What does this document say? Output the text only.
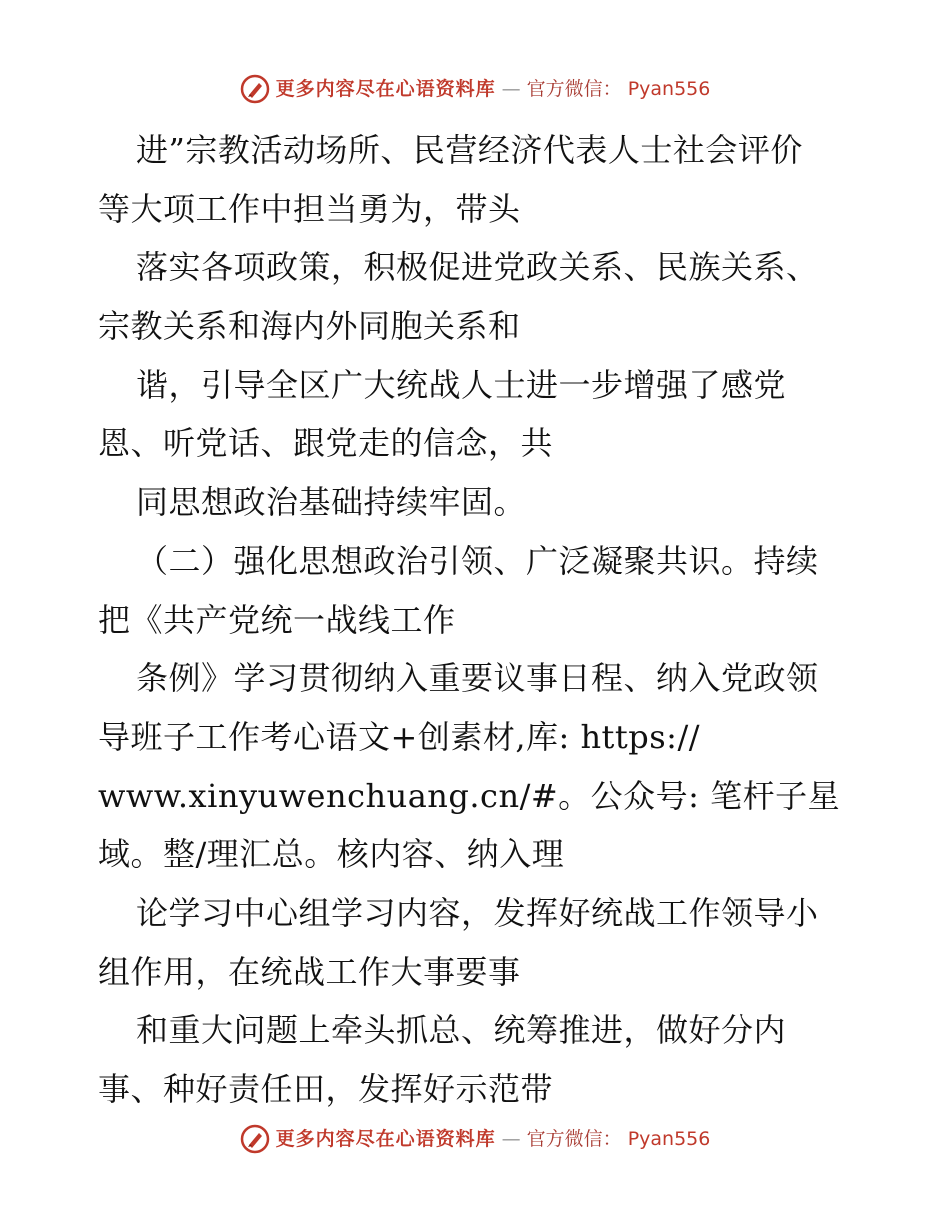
更多内容尽在心语资料库 — 官方微信： Pyan556
进”宗教活动场所、民营经济代表人士社会评价
等大项工作中担当勇为，带头
落实各项政策，积极促进党政关系、民族关系、
宗教关系和海内外同胞关系和
谐，引导全区广大统战人士进一步增强了感党
恩、听党话、跟党走的信念，共
同思想政治基础持续牢固。
（二）强化思想政治引领、广泛凝聚共识。持续
把《共产党统一战线工作
条例》学习贯彻纳入重要议事日程、纳入党政领
导班子工作考心语文+创素材,库: https://
www.xinyuwenchuang.cn/#。公众号: 笔杆子星
域。整/理汇总。核内容、纳入理
论学习中心组学习内容，发挥好统战工作领导小
组作用，在统战工作大事要事
和重大问题上牵头抓总、统筹推进，做好分内
事、种好责任田，发挥好示范带
更多内容尽在心语资料库 — 官方微信： Pyan556
